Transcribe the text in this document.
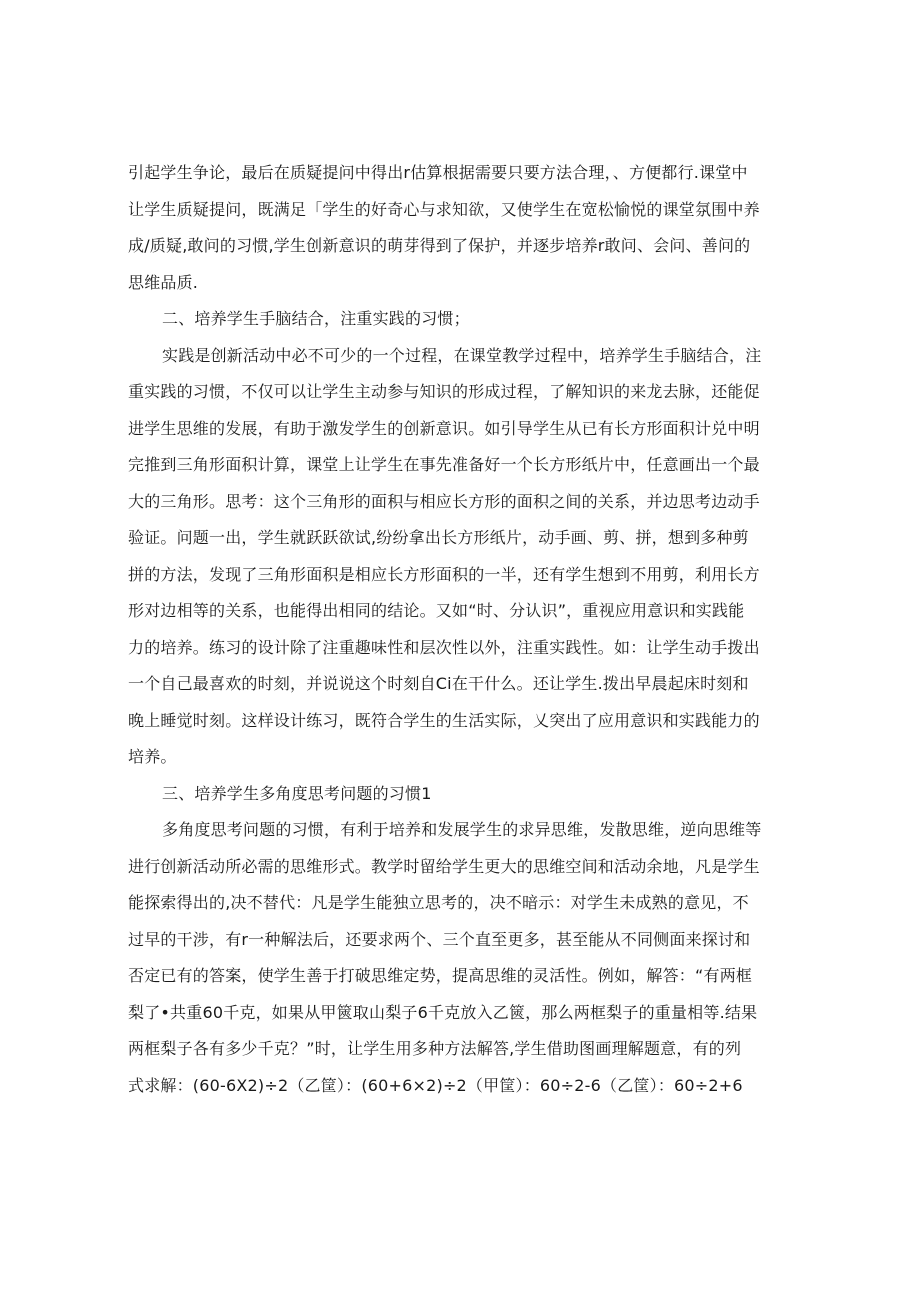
引起学生争论，最后在质疑提问中得出r估算根据需要只要方法合理，、方便都行.课堂中
让学生质疑提问，既满足「学生的好奇心与求知欲，又使学生在宽松愉悦的课堂氛围中养
成/质疑,敢问的习惯,学生创新意识的萌芽得到了保护，并逐步培养r敢问、会问、善问的
思维品质.
二、培养学生手脑结合，注重实践的习惯；
实践是创新活动中必不可少的一个过程，在课堂教学过程中，培养学生手脑结合，注
重实践的习惯，不仅可以让学生主动参与知识的形成过程，了解知识的来龙去脉，还能促
进学生思维的发展，有助于激发学生的创新意识。如引导学生从已有长方形面积计兑中明
完推到三角形面积计算，课堂上让学生在事先准备好一个长方形纸片中，任意画出一个最
大的三角形。思考：这个三角形的面积与相应长方形的面积之间的关系，并边思考边动手
验证。问题一出，学生就跃跃欲试,纷纷拿出长方形纸片，动手画、剪、拼，想到多种剪
拼的方法，发现了三角形面积是相应长方形面积的一半，还有学生想到不用剪，利用长方
形对边相等的关系，也能得出相同的结论。又如“时、分认识”，重视应用意识和实践能
力的培养。练习的设计除了注重趣味性和层次性以外，注重实践性。如：让学生动手拨出
一个自己最喜欢的时刻，并说说这个时刻自Ci在干什么。还让学生.拨出早晨起床时刻和
晚上睡觉时刻。这样设计练习，既符合学生的生活实际，乂突出了应用意识和实践能力的
培养。
三、培养学生多角度思考问题的习惯1
多角度思考问题的习惯，有利于培养和发展学生的求异思维，发散思维，逆向思维等
进行创新活动所必需的思维形式。教学时留给学生更大的思维空间和活动余地，凡是学生
能探索得出的,决不替代：凡是学生能独立思考的，决不暗示：对学生未成熟的意见，不
过早的干涉，有r一种解法后，还要求两个、三个直至更多，甚至能从不同侧面来探讨和
否定已有的答案，使学生善于打破思维定势，提高思维的灵活性。例如，解答：“有两框
梨了•共重60千克，如果从甲篋取山梨子6千克放入乙篋，那么两框梨子的重量相等.结果
两框梨子各有多少千克？”时，让学生用多种方法解答,学生借助图画理解题意，有的列
式求解：(60-6X2)÷2（乙筐）：(60+6×2)÷2（甲筐）：60÷2-6（乙筐）：60÷2+6
